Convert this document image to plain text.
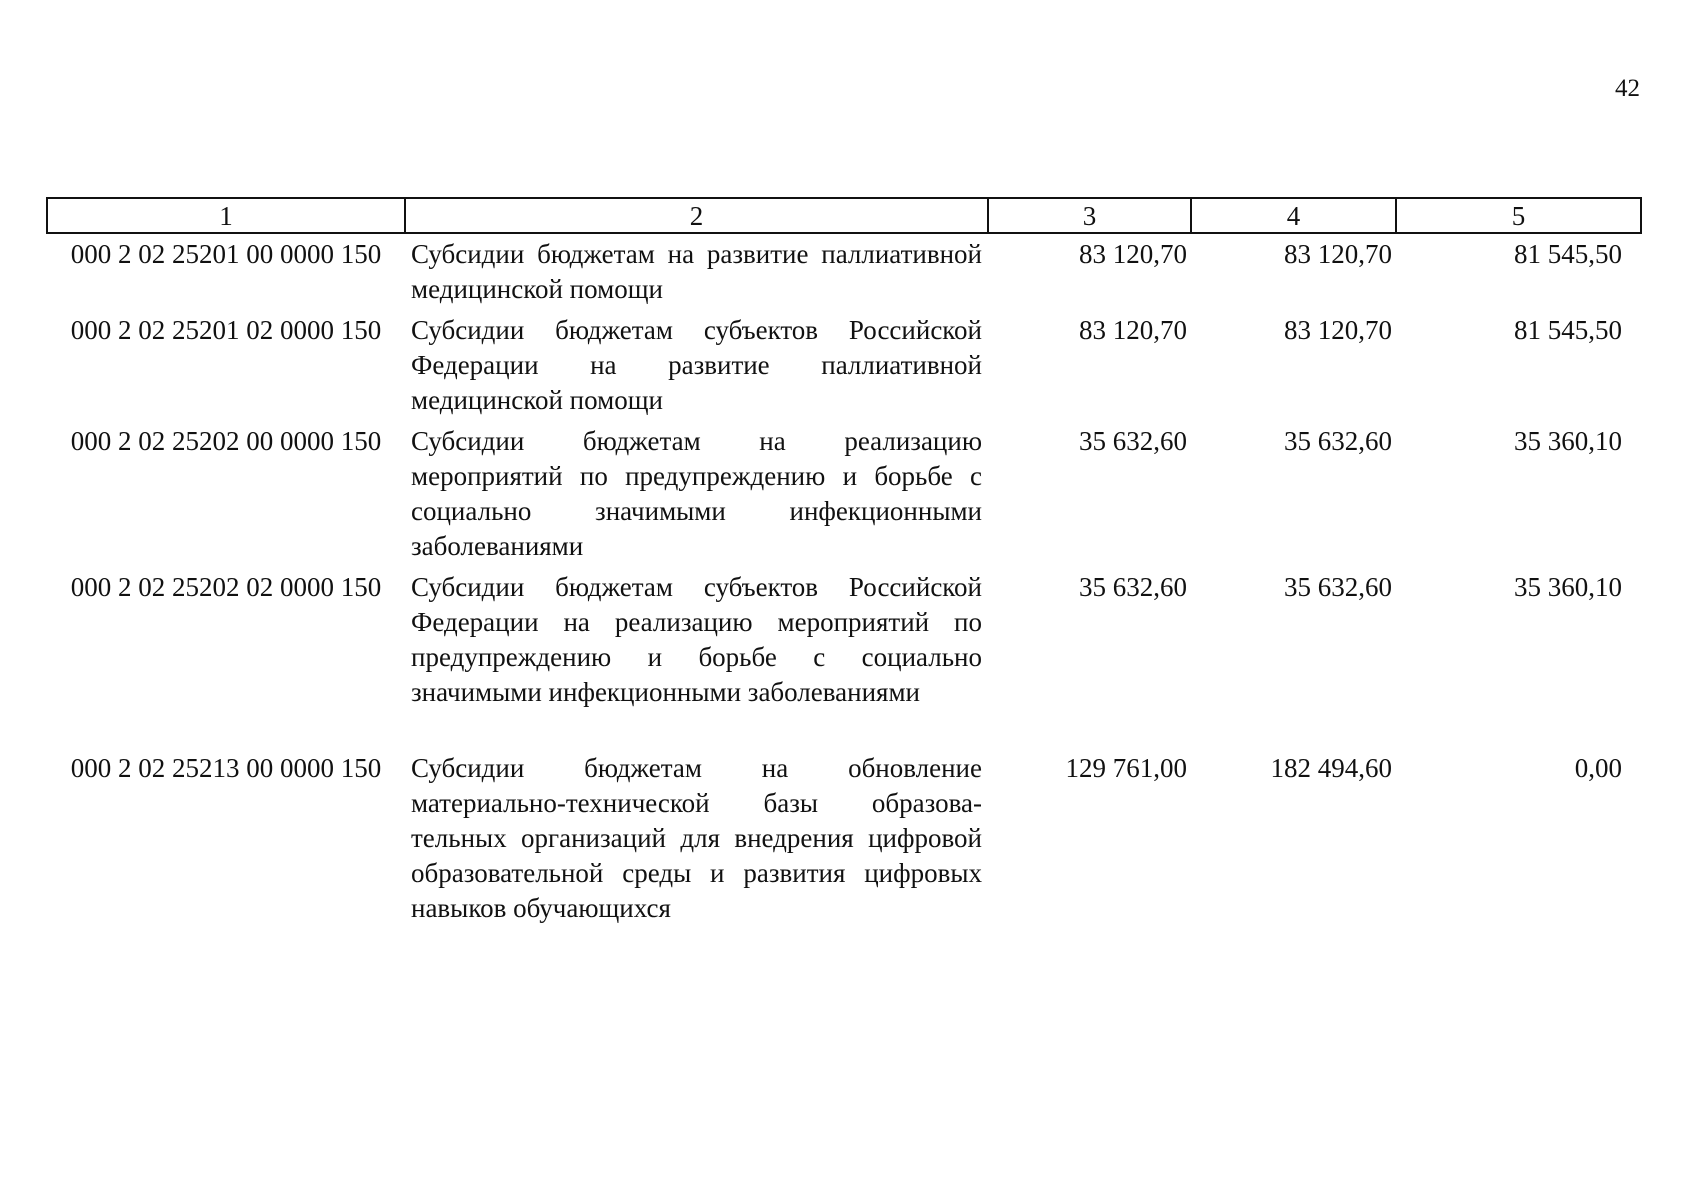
42
1	2	3	4	5
000 2 02 25201 00 0000 150	Субсидии бюджетам на развитие паллиативной медицинской помощи	83 120,70	83 120,70	81 545,50
000 2 02 25201 02 0000 150	Субсидии бюджетам субъектов Российской Федерации на развитие паллиативной медицинской помощи	83 120,70	83 120,70	81 545,50
000 2 02 25202 00 0000 150	Субсидии бюджетам на реализацию мероприятий по предупреждению и борьбе с социально значимыми инфекционными заболеваниями	35 632,60	35 632,60	35 360,10
000 2 02 25202 02 0000 150	Субсидии бюджетам субъектов Российской Федерации на реализацию мероприятий по предупреждению и борьбе с социально значимыми инфекционными заболеваниями	35 632,60	35 632,60	35 360,10
000 2 02 25213 00 0000 150	Субсидии бюджетам на обновление материально-технической базы образова-тельных организаций для внедрения цифровой образовательной среды и развития цифровых навыков обучающихся	129 761,00	182 494,60	0,00
